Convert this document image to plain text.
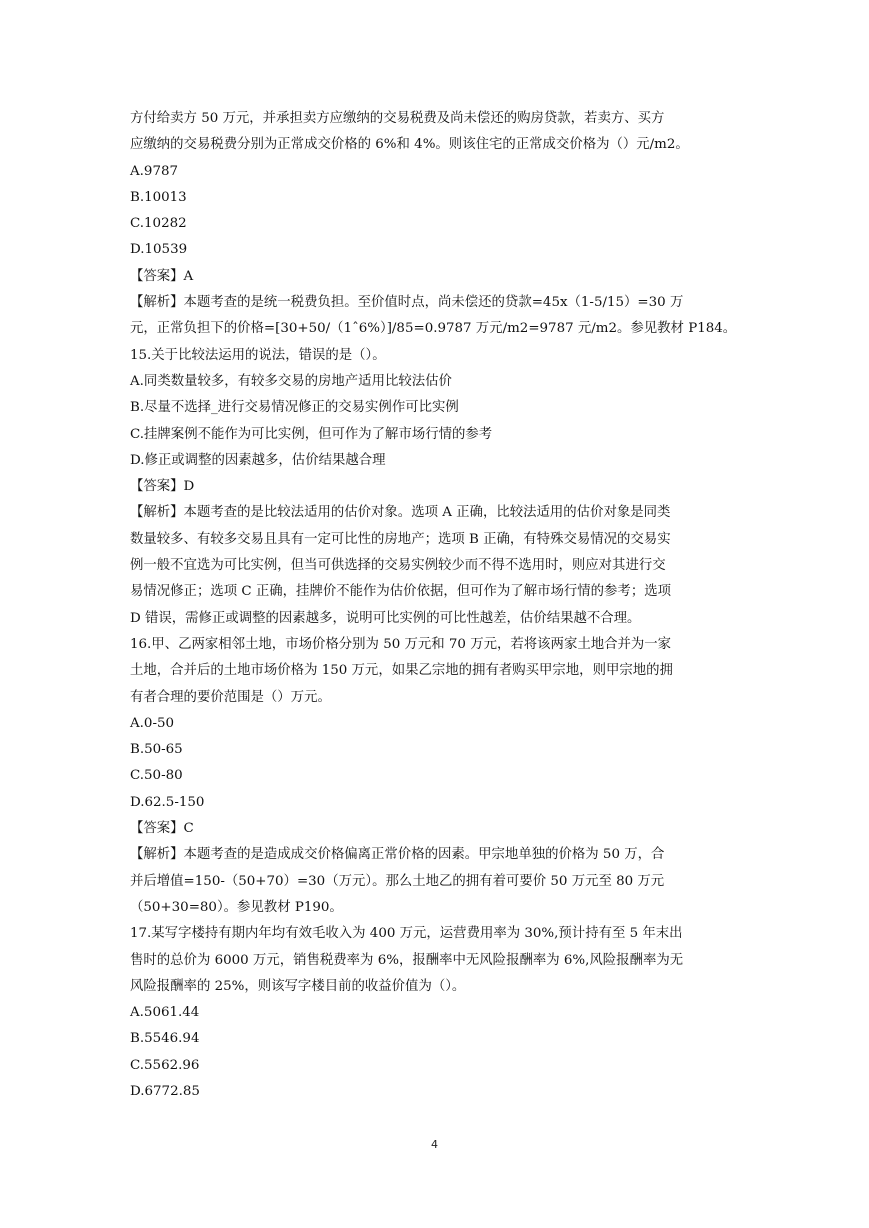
方付给卖方 50 万元，并承担卖方应缴纳的交易税费及尚未偿还的购房贷款，若卖方、买方

应缴纳的交易税费分别为正常成交价格的 6%和 4%。则该住宅的正常成交价格为（）元/m2。

A.9787

B.10013

C.10282

D.10539

【答案】A

【解析】本题考查的是统一税费负担。至价值时点，尚未偿还的贷款=45x（1-5/15）=30 万

元，正常负担下的价格=[30+50/（1ˆ6%）]/85=0.9787 万元/m2=9787 元/m2。参见教材 P184。

15.关于比较法运用的说法，错误的是（）。

A.同类数量较多，有较多交易的房地产适用比较法估价

B.尽量不选择_进行交易情况修正的交易实例作可比实例

C.挂牌案例不能作为可比实例，但可作为了解市场行情的参考

D.修正或调整的因素越多，估价结果越合理

【答案】D

【解析】本题考查的是比较法适用的估价对象。选项 A 正确，比较法适用的估价对象是同类

数量较多、有较多交易且具有一定可比性的房地产；选项 B 正确，有特殊交易情况的交易实

例一般不宜选为可比实例，但当可供选择的交易实例较少而不得不选用时，则应对其进行交

易情况修正；选项 C 正确，挂牌价不能作为估价依据，但可作为了解市场行情的参考；选项

D 错误，需修正或调整的因素越多，说明可比实例的可比性越差，估价结果越不合理。

16.甲、乙两家相邻土地，市场价格分别为 50 万元和 70 万元，若将该两家土地合并为一家

土地，合并后的土地市场价格为 150 万元，如果乙宗地的拥有者购买甲宗地，则甲宗地的拥

有者合理的要价范围是（）万元。

A.0-50

B.50-65

C.50-80

D.62.5-150

【答案】C

【解析】本题考查的是造成成交价格偏离正常价格的因素。甲宗地单独的价格为 50 万，合

并后增值=150-（50+70）=30（万元）。那么土地乙的拥有着可要价 50 万元至 80 万元

（50+30=80）。参见教材 P190。

17.某写字楼持有期内年均有效毛收入为 400 万元，运营费用率为 30%,预计持有至 5 年末出

售时的总价为 6000 万元，销售税费率为 6%，报酬率中无风险报酬率为 6%,风险报酬率为无

风险报酬率的 25%，则该写字楼目前的收益价值为（）。

A.5061.44

B.5546.94

C.5562.96

D.6772.85

4
